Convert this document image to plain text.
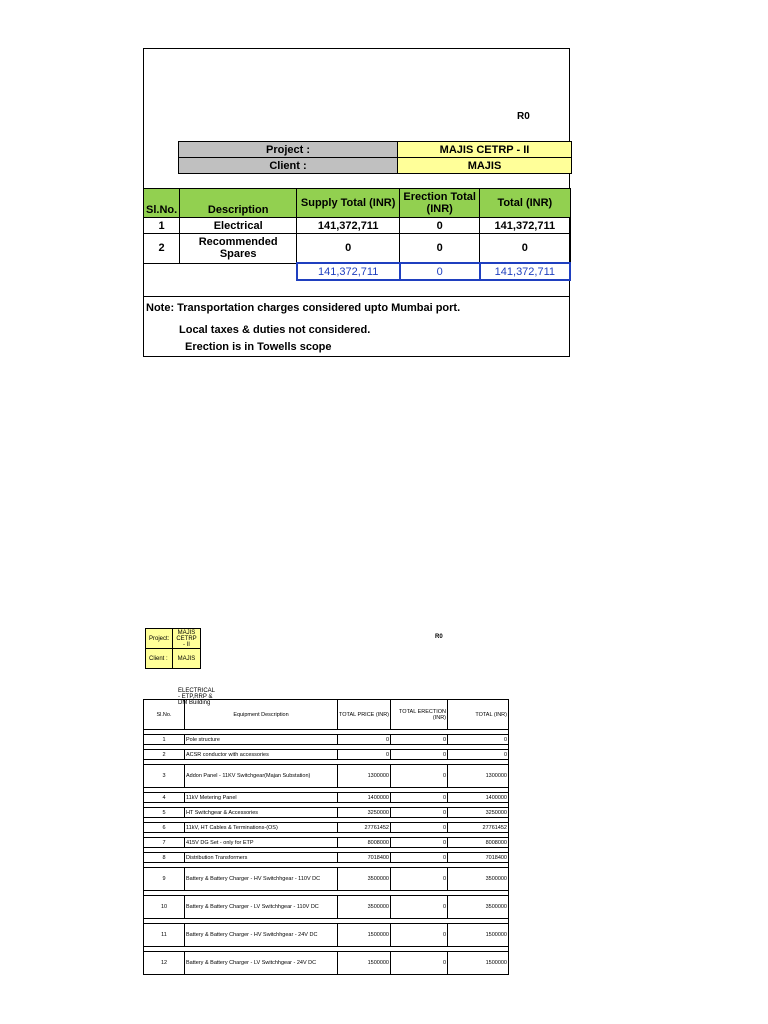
R0
Project :	MAJIS CETRP - II
Client :	MAJIS
Sl.No.	Description	Supply Total (INR)	Erection Total (INR)	Total (INR)
1	Electrical	141,372,711	0	141,372,711
2	Recommended Spares	0	0	0
		141,372,711	0	141,372,711
Note: Transportation charges considered upto Mumbai port.
Local taxes & duties not considered.
Erection is in Towells scope
Project:	MAJIS CETRP - II
Client :	MAJIS
R0
ELECTRICAL - ETP,RRP & DM Building
Sl.No.	Equipment Description	TOTAL PRICE (INR)	TOTAL ERECTION (INR)	TOTAL (INR)

1	Pole structure	0	0	0

2	ACSR conductor with accessories	0	0	0

3	Addon Panel - 11KV Switchgear(Majan Substation)	1300000	0	1300000

4	11kV Metering Panel	1400000	0	1400000

5	HT Switchgear & Accessories	3250000	0	3250000

6	11kV, HT Cables & Terminations-(OS)	27761452	0	27761452

7	415V DG Set - only for ETP	8008000	0	8008000

8	Distribution Transformers	7018400	0	7018400

9	Battery & Battery Charger - HV Switchhgear - 110V DC	3500000	0	3500000

10	Battery & Battery Charger - LV Switchhgear - 110V DC	3500000	0	3500000

11	Battery & Battery Charger - HV Switchhgear - 24V DC	1500000	0	1500000

12	Battery & Battery Charger - LV Switchhgear - 24V DC	1500000	0	1500000
